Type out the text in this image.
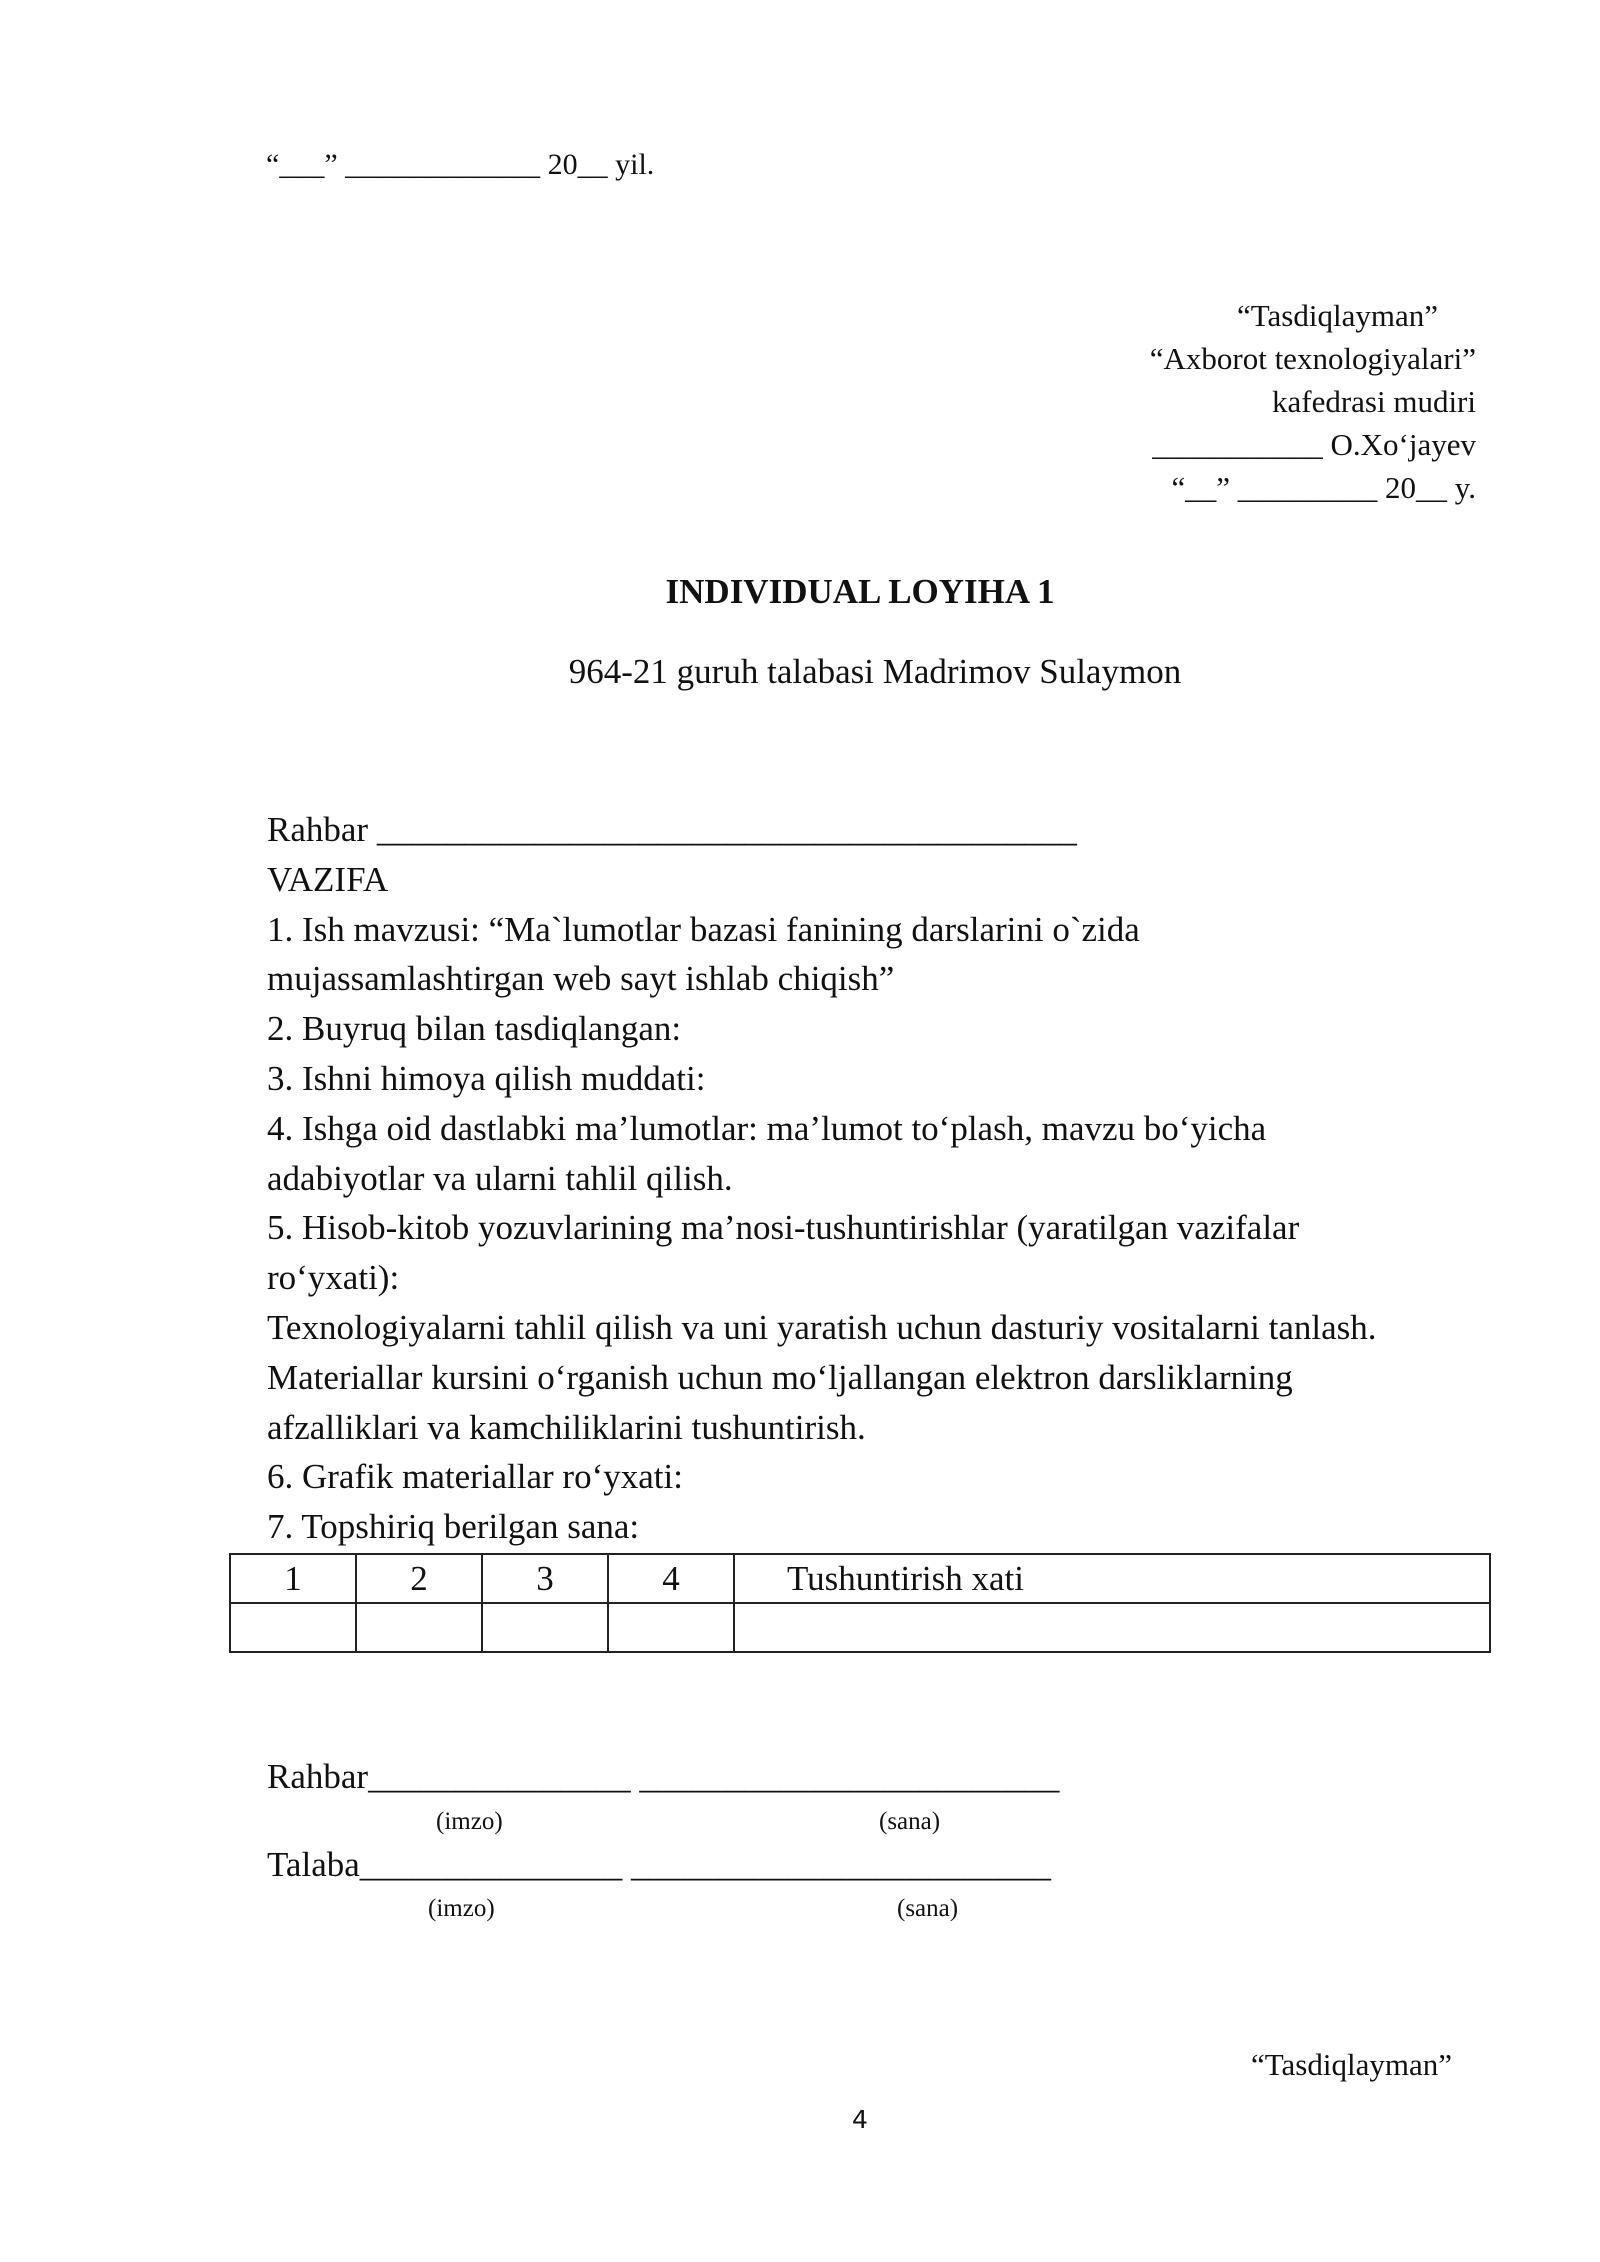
“___” _____________ 20__ yil.
“Tasdiqlayman”
“Axborot texnologiyalari”
kafedrasi mudiri
___________ O.Xo‘jayev
“__” _________ 20__ y.
INDIVIDUAL LOYIHA 1
964-21 guruh talabasi Madrimov Sulaymon
Rahbar ________________________________________
VAZIFA
1. Ish mavzusi: “Ma`lumotlar bazasi fanining darslarini o`zida
mujassamlashtirgan web sayt ishlab chiqish”
2. Buyruq bilan tasdiqlangan:
3. Ishni himoya qilish muddati:
4. Ishga oid dastlabki ma’lumotlar: ma’lumot to‘plash, mavzu bo‘yicha
adabiyotlar va ularni tahlil qilish.
5. Hisob-kitob yozuvlarining ma’nosi-tushuntirishlar (yaratilgan vazifalar
ro‘yxati):
Texnologiyalarni tahlil qilish va uni yaratish uchun dasturiy vositalarni tanlash.
Materiallar kursini o‘rganish uchun mo‘ljallangan elektron darsliklarning
afzalliklari va kamchiliklarini tushuntirish.
6. Grafik materiallar ro‘yxati:
7. Topshiriq berilgan sana:
1	2	3	4	Tushuntirish xati

Rahbar_______________ ________________________
(imzo)	(sana)
Talaba_______________ ________________________
(imzo)	(sana)
“Tasdiqlayman”
4
